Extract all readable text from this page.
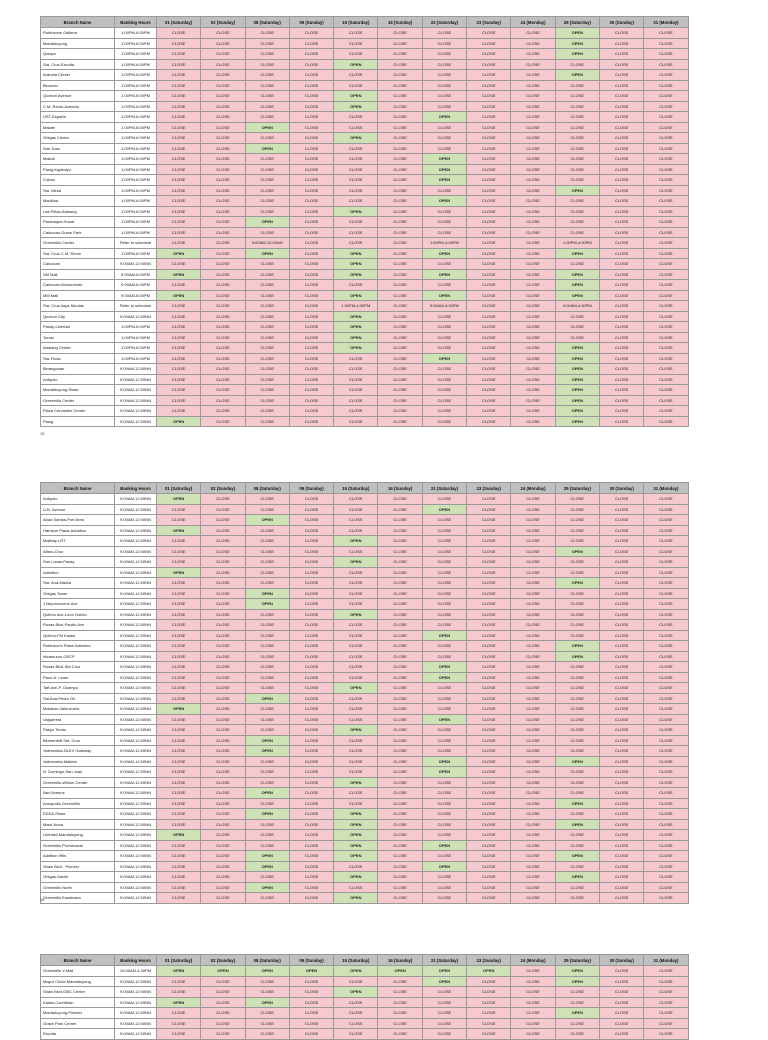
Branch Name	Banking Hours	01 (Saturday)	02 (Sunday)	08 (Saturday)	09 (Sunday)	15 (Saturday)	16 (Sunday)	22 (Saturday)	23 (Sunday)	24 (Monday)	29 (Saturday)	30 (Sunday)	31 (Monday)
Robinsons Galleria	1:00PM-6:00PM	CLOSE	CLOSE	CLOSE	CLOSE	CLOSE	CLOSE	CLOSE	CLOSE	CLOSE	OPEN	CLOSE	CLOSE
Mandaluyong	1:00PM-6:00PM	CLOSE	CLOSE	CLOSE	CLOSE	CLOSE	CLOSE	CLOSE	CLOSE	CLOSE	OPEN	CLOSE	CLOSE
Quiapo	1:00PM-6:00PM	CLOSE	CLOSE	CLOSE	CLOSE	CLOSE	CLOSE	CLOSE	CLOSE	CLOSE	OPEN	CLOSE	CLOSE
Sta. Cruz-Escolta	1:00PM-6:00PM	CLOSE	CLOSE	CLOSE	CLOSE	OPEN	CLOSE	CLOSE	CLOSE	CLOSE	CLOSE	CLOSE	CLOSE
Araneta Center	1:00PM-6:00PM	CLOSE	CLOSE	CLOSE	CLOSE	CLOSE	CLOSE	CLOSE	CLOSE	CLOSE	OPEN	CLOSE	CLOSE
Binondo	1:00PM-6:00PM	CLOSE	CLOSE	CLOSE	CLOSE	CLOSE	CLOSE	CLOSE	CLOSE	CLOSE	CLOSE	CLOSE	CLOSE
Quezon Avenue	1:00PM-6:00PM	CLOSE	CLOSE	CLOSE	CLOSE	OPEN	CLOSE	CLOSE	CLOSE	CLOSE	CLOSE	CLOSE	CLOSE
C.M. Recto-Avenida	1:00PM-6:00PM	CLOSE	CLOSE	CLOSE	CLOSE	OPEN	CLOSE	CLOSE	CLOSE	CLOSE	CLOSE	CLOSE	CLOSE
UST-España	1:00PM-6:00PM	CLOSE	CLOSE	CLOSE	CLOSE	CLOSE	CLOSE	OPEN	CLOSE	CLOSE	CLOSE	CLOSE	CLOSE
Malate	1:00PM-6:00PM	CLOSE	CLOSE	OPEN	CLOSE	CLOSE	CLOSE	CLOSE	CLOSE	CLOSE	CLOSE	CLOSE	CLOSE
Ortigas Center	1:00PM-6:00PM	CLOSE	CLOSE	CLOSE	CLOSE	OPEN	CLOSE	CLOSE	CLOSE	CLOSE	CLOSE	CLOSE	CLOSE
San Juan	1:00PM-6:00PM	CLOSE	CLOSE	OPEN	CLOSE	CLOSE	CLOSE	CLOSE	CLOSE	CLOSE	CLOSE	CLOSE	CLOSE
Makati	1:00PM-6:00PM	CLOSE	CLOSE	CLOSE	CLOSE	CLOSE	CLOSE	OPEN	CLOSE	CLOSE	CLOSE	CLOSE	CLOSE
Pasig-Kapitolyo	1:00PM-6:00PM	CLOSE	CLOSE	CLOSE	CLOSE	CLOSE	CLOSE	OPEN	CLOSE	CLOSE	CLOSE	CLOSE	CLOSE
Cubao	1:00PM-6:00PM	CLOSE	CLOSE	CLOSE	CLOSE	CLOSE	CLOSE	OPEN	CLOSE	CLOSE	CLOSE	CLOSE	CLOSE
Sta. Mesa	1:00PM-6:00PM	CLOSE	CLOSE	CLOSE	CLOSE	CLOSE	CLOSE	CLOSE	CLOSE	CLOSE	OPEN	CLOSE	CLOSE
Marikina	1:00PM-6:00PM	CLOSE	CLOSE	CLOSE	CLOSE	CLOSE	CLOSE	OPEN	CLOSE	CLOSE	CLOSE	CLOSE	CLOSE
Las Piñas-Alabang	1:00PM-6:00PM	CLOSE	CLOSE	CLOSE	CLOSE	OPEN	CLOSE	CLOSE	CLOSE	CLOSE	CLOSE	CLOSE	CLOSE
Paranaque-Sucat	1:00PM-6:00PM	CLOSE	CLOSE	OPEN	CLOSE	CLOSE	CLOSE	CLOSE	CLOSE	CLOSE	CLOSE	CLOSE	CLOSE
Caloocan-Grace Park	1:00PM-6:00PM	CLOSE	CLOSE	CLOSE	CLOSE	CLOSE	CLOSE	CLOSE	CLOSE	CLOSE	CLOSE	CLOSE	CLOSE
Greenhills Center	Refer to schedule	CLOSE	CLOSE	9:00AM-12:00NN	CLOSE	CLOSE	CLOSE	1:00PM-4:00PM	CLOSE	CLOSE	1:00PM-4:00PM	CLOSE	CLOSE
Sta. Cruz-C.M. Recto	1:00PM-6:00PM	OPEN	CLOSE	OPEN	CLOSE	OPEN	CLOSE	OPEN	CLOSE	CLOSE	OPEN	CLOSE	CLOSE
Caloocan	9:00AM-12:00NN	CLOSE	CLOSE	CLOSE	CLOSE	OPEN	CLOSE	CLOSE	CLOSE	CLOSE	CLOSE	CLOSE	CLOSE
SM Mall	9:00AM-6:00PM	OPEN	CLOSE	CLOSE	CLOSE	OPEN	CLOSE	OPEN	CLOSE	CLOSE	OPEN	CLOSE	CLOSE
Caloocan-Monumento	9:00AM-6:00PM	CLOSE	CLOSE	CLOSE	CLOSE	CLOSE	CLOSE	CLOSE	CLOSE	CLOSE	OPEN	CLOSE	CLOSE
MM Mall	9:00AM-6:00PM	OPEN	CLOSE	CLOSE	CLOSE	OPEN	CLOSE	OPEN	CLOSE	CLOSE	OPEN	CLOSE	CLOSE
Sta. Cruz-Ilaya Nicolas	Refer to schedule	CLOSE	CLOSE	CLOSE	CLOSE	1:00PM-4:30PM	CLOSE	9:00AM-4:30PM	CLOSE	CLOSE	9:00AM-4:30PM	CLOSE	CLOSE
Quezon City	9:00AM-12:00NN	CLOSE	CLOSE	CLOSE	CLOSE	OPEN	CLOSE	CLOSE	CLOSE	CLOSE	CLOSE	CLOSE	CLOSE
Pasay-Libertad	1:00PM-6:00PM	CLOSE	CLOSE	CLOSE	CLOSE	OPEN	CLOSE	CLOSE	CLOSE	CLOSE	CLOSE	CLOSE	CLOSE
Tondo	1:00PM-6:00PM	CLOSE	CLOSE	CLOSE	CLOSE	OPEN	CLOSE	CLOSE	CLOSE	CLOSE	CLOSE	CLOSE	CLOSE
Alabang Center	1:00PM-6:00PM	CLOSE	CLOSE	CLOSE	CLOSE	OPEN	CLOSE	CLOSE	CLOSE	CLOSE	OPEN	CLOSE	CLOSE
Sta. Rosa	1:00PM-6:00PM	CLOSE	CLOSE	CLOSE	CLOSE	CLOSE	CLOSE	OPEN	CLOSE	CLOSE	OPEN	CLOSE	CLOSE
Binangonan	9:00AM-12:00NN	CLOSE	CLOSE	CLOSE	CLOSE	CLOSE	CLOSE	CLOSE	CLOSE	CLOSE	OPEN	CLOSE	CLOSE
Antipolo	9:00AM-12:00NN	CLOSE	CLOSE	CLOSE	CLOSE	CLOSE	CLOSE	CLOSE	CLOSE	CLOSE	OPEN	CLOSE	CLOSE
Mandaluyong-Shaw	9:00AM-12:00NN	CLOSE	CLOSE	CLOSE	CLOSE	CLOSE	CLOSE	CLOSE	CLOSE	CLOSE	OPEN	CLOSE	CLOSE
Greenhills Center	9:00AM-12:00NN	CLOSE	CLOSE	CLOSE	CLOSE	CLOSE	CLOSE	CLOSE	CLOSE	CLOSE	OPEN	CLOSE	CLOSE
Plaza Cervantes Center	9:00AM-12:00NN	CLOSE	CLOSE	CLOSE	CLOSE	CLOSE	CLOSE	CLOSE	CLOSE	CLOSE	OPEN	CLOSE	CLOSE
Pasig	9:00AM-12:00NN	OPEN	CLOSE	CLOSE	CLOSE	CLOSE	CLOSE	CLOSE	CLOSE	CLOSE	OPEN	CLOSE	CLOSE
15
Branch Name	Banking Hours	01 (Saturday)	02 (Sunday)	08 (Saturday)	09 (Sunday)	15 (Saturday)	16 (Sunday)	22 (Saturday)	23 (Sunday)	24 (Monday)	29 (Saturday)	30 (Sunday)	31 (Monday)
Antipolo	9:00AM-12:00NN	OPEN	CLOSE	CLOSE	CLOSE	CLOSE	CLOSE	CLOSE	CLOSE	CLOSE	CLOSE	CLOSE	CLOSE
U.N. Avenue	9:00AM-12:00NN	CLOSE	CLOSE	CLOSE	CLOSE	CLOSE	CLOSE	OPEN	CLOSE	CLOSE	CLOSE	CLOSE	CLOSE
Abad Santos-Port Area	9:00AM-12:00NN	CLOSE	CLOSE	OPEN	CLOSE	CLOSE	CLOSE	CLOSE	CLOSE	CLOSE	CLOSE	CLOSE	CLOSE
Harrison Plaza-Adriatico	9:00AM-12:00NN	OPEN	CLOSE	CLOSE	CLOSE	CLOSE	CLOSE	CLOSE	CLOSE	CLOSE	CLOSE	CLOSE	CLOSE
Malibay-LRT	9:00AM-12:00NN	CLOSE	CLOSE	CLOSE	CLOSE	OPEN	CLOSE	CLOSE	CLOSE	CLOSE	CLOSE	CLOSE	CLOSE
Alfaro-Cruz	9:00AM-12:00NN	CLOSE	CLOSE	CLOSE	CLOSE	CLOSE	CLOSE	CLOSE	CLOSE	CLOSE	OPEN	CLOSE	CLOSE
San Lucas-Pasay	9:00AM-12:00NN	CLOSE	CLOSE	CLOSE	CLOSE	OPEN	CLOSE	CLOSE	CLOSE	CLOSE	CLOSE	CLOSE	CLOSE
Adriatico	9:00AM-12:00NN	OPEN	CLOSE	CLOSE	CLOSE	CLOSE	CLOSE	CLOSE	CLOSE	CLOSE	CLOSE	CLOSE	CLOSE
Sta. Ana-Manila	9:00AM-12:00NN	CLOSE	CLOSE	CLOSE	CLOSE	CLOSE	CLOSE	CLOSE	CLOSE	CLOSE	OPEN	CLOSE	CLOSE
Ortigas Tower	9:00AM-12:00NN	CLOSE	CLOSE	OPEN	CLOSE	CLOSE	CLOSE	CLOSE	CLOSE	CLOSE	CLOSE	CLOSE	CLOSE
J.Nepomuceno Ave	9:00AM-12:00NN	CLOSE	CLOSE	OPEN	CLOSE	CLOSE	CLOSE	CLOSE	CLOSE	CLOSE	CLOSE	CLOSE	CLOSE
Quirino Ave-Leon Guinto	9:00AM-12:00NN	CLOSE	CLOSE	CLOSE	CLOSE	OPEN	CLOSE	CLOSE	CLOSE	CLOSE	CLOSE	CLOSE	CLOSE
Roxas Blvd-Pacific Ave	9:00AM-12:00NN	CLOSE	CLOSE	CLOSE	CLOSE	CLOSE	CLOSE	CLOSE	CLOSE	CLOSE	CLOSE	CLOSE	CLOSE
Quirino-FM Kalaw	9:00AM-12:00NN	CLOSE	CLOSE	CLOSE	CLOSE	CLOSE	CLOSE	OPEN	CLOSE	CLOSE	CLOSE	CLOSE	CLOSE
Robinson's Place-Adriatico	9:00AM-12:00NN	CLOSE	CLOSE	CLOSE	CLOSE	CLOSE	CLOSE	CLOSE	CLOSE	CLOSE	OPEN	CLOSE	CLOSE
Intramuros-GSCP	9:00AM-12:00NN	CLOSE	CLOSE	CLOSE	CLOSE	CLOSE	CLOSE	CLOSE	CLOSE	CLOSE	OPEN	CLOSE	CLOSE
Roxas Blvd-Sta Cruz	9:00AM-12:00NN	CLOSE	CLOSE	CLOSE	CLOSE	CLOSE	CLOSE	OPEN	CLOSE	CLOSE	CLOSE	CLOSE	CLOSE
Paco-A. Linao	9:00AM-12:00NN	CLOSE	CLOSE	CLOSE	CLOSE	CLOSE	CLOSE	OPEN	CLOSE	CLOSE	CLOSE	CLOSE	CLOSE
Taft Ave-P. Ocampo	9:00AM-12:00NN	CLOSE	CLOSE	CLOSE	CLOSE	OPEN	CLOSE	CLOSE	CLOSE	CLOSE	CLOSE	CLOSE	CLOSE
Sta Ana-Pedro Gil	9:00AM-12:00NN	CLOSE	CLOSE	OPEN	CLOSE	CLOSE	CLOSE	CLOSE	CLOSE	CLOSE	CLOSE	CLOSE	CLOSE
Malabon-Valenzuela	9:00AM-12:00NN	OPEN	CLOSE	CLOSE	CLOSE	CLOSE	CLOSE	CLOSE	CLOSE	CLOSE	CLOSE	CLOSE	CLOSE
Valgarrera	9:00AM-12:00NN	CLOSE	CLOSE	CLOSE	CLOSE	CLOSE	CLOSE	OPEN	CLOSE	CLOSE	CLOSE	CLOSE	CLOSE
Pasyo Tondo	9:00AM-12:00NN	CLOSE	CLOSE	CLOSE	CLOSE	OPEN	CLOSE	CLOSE	CLOSE	CLOSE	CLOSE	CLOSE	CLOSE
Blumentritt Sta. Cruz	9:00AM-12:00NN	CLOSE	CLOSE	OPEN	CLOSE	CLOSE	CLOSE	CLOSE	CLOSE	CLOSE	CLOSE	CLOSE	CLOSE
Valenzuela-NLEX Gateway	9:00AM-12:00NN	CLOSE	CLOSE	OPEN	CLOSE	CLOSE	CLOSE	CLOSE	CLOSE	CLOSE	CLOSE	CLOSE	CLOSE
Valenzuela-Malinta	9:00AM-12:00NN	CLOSE	CLOSE	CLOSE	CLOSE	CLOSE	CLOSE	OPEN	CLOSE	CLOSE	OPEN	CLOSE	CLOSE
N. Domingo-San Juan	9:00AM-12:00NN	CLOSE	CLOSE	CLOSE	CLOSE	CLOSE	CLOSE	OPEN	CLOSE	CLOSE	CLOSE	CLOSE	CLOSE
Greenhills-Wilson Center	9:00AM-12:00NN	CLOSE	CLOSE	CLOSE	CLOSE	OPEN	CLOSE	CLOSE	CLOSE	CLOSE	CLOSE	CLOSE	CLOSE
Ilani Avenue	9:00AM-12:00NN	CLOSE	CLOSE	OPEN	CLOSE	CLOSE	CLOSE	CLOSE	CLOSE	CLOSE	CLOSE	CLOSE	CLOSE
Annapolis-Greenhills	9:00AM-12:00NN	CLOSE	CLOSE	CLOSE	CLOSE	CLOSE	CLOSE	CLOSE	CLOSE	CLOSE	OPEN	CLOSE	CLOSE
EDSA-Shaw	9:00AM-12:00NN	CLOSE	CLOSE	OPEN	CLOSE	OPEN	CLOSE	CLOSE	CLOSE	CLOSE	CLOSE	CLOSE	CLOSE
Mack Nova	9:00AM-12:00NN	CLOSE	CLOSE	CLOSE	CLOSE	OPEN	CLOSE	CLOSE	CLOSE	CLOSE	OPEN	CLOSE	CLOSE
Libertad-Mandaluyong	9:00AM-12:00NN	OPEN	CLOSE	CLOSE	CLOSE	OPEN	CLOSE	CLOSE	CLOSE	CLOSE	CLOSE	CLOSE	CLOSE
Greenhills Promenade	9:00AM-12:00NN	CLOSE	CLOSE	CLOSE	CLOSE	OPEN	CLOSE	OPEN	CLOSE	CLOSE	CLOSE	CLOSE	CLOSE
Addition Hills	9:00AM-12:00NN	CLOSE	CLOSE	OPEN	CLOSE	OPEN	CLOSE	CLOSE	CLOSE	CLOSE	OPEN	CLOSE	CLOSE
Shaw Blvd - Pioneer	9:00AM-12:00NN	CLOSE	CLOSE	OPEN	CLOSE	CLOSE	CLOSE	OPEN	CLOSE	CLOSE	CLOSE	CLOSE	CLOSE
Ortigas-Xavier	9:00AM-12:00NN	CLOSE	CLOSE	CLOSE	CLOSE	OPEN	CLOSE	CLOSE	CLOSE	CLOSE	OPEN	CLOSE	CLOSE
Greenhills North	9:00AM-12:00NN	CLOSE	CLOSE	OPEN	CLOSE	CLOSE	CLOSE	CLOSE	CLOSE	CLOSE	CLOSE	CLOSE	CLOSE
Greenhills Eastdrawn	9:00AM-12:00NN	CLOSE	CLOSE	CLOSE	CLOSE	OPEN	CLOSE	CLOSE	CLOSE	CLOSE	CLOSE	CLOSE	CLOSE
16
Branch Name	Banking Hours	01 (Saturday)	02 (Sunday)	08 (Saturday)	09 (Sunday)	15 (Saturday)	16 (Sunday)	22 (Saturday)	23 (Sunday)	24 (Monday)	29 (Saturday)	30 (Sunday)	31 (Monday)
Greenhills V-Mall	10:00AM-4:30PM	OPEN	OPEN	OPEN	OPEN	OPEN	OPEN	OPEN	OPEN	CLOSE	OPEN	CLOSE	CLOSE
Mayor Circle-Mandaluyong	9:00AM-12:00NN	CLOSE	CLOSE	CLOSE	CLOSE	CLOSE	CLOSE	OPEN	CLOSE	CLOSE	OPEN	CLOSE	CLOSE
Shaw Blvd-GBC Center	9:00AM-12:00NN	CLOSE	CLOSE	CLOSE	CLOSE	OPEN	CLOSE	CLOSE	CLOSE	CLOSE	CLOSE	CLOSE	CLOSE
Kalaw-Corinthian	9:00AM-12:00NN	OPEN	CLOSE	OPEN	CLOSE	CLOSE	CLOSE	CLOSE	CLOSE	CLOSE	CLOSE	CLOSE	CLOSE
Mandaluyong-Pioneer	9:00AM-12:00NN	CLOSE	CLOSE	CLOSE	CLOSE	CLOSE	CLOSE	CLOSE	CLOSE	CLOSE	OPEN	CLOSE	CLOSE
Grace Park Center	9:00AM-12:00NN	CLOSE	CLOSE	CLOSE	CLOSE	CLOSE	CLOSE	CLOSE	CLOSE	CLOSE	CLOSE	CLOSE	CLOSE
Escolta	9:00AM-12:00NN	CLOSE	CLOSE	CLOSE	CLOSE	CLOSE	CLOSE	CLOSE	CLOSE	CLOSE	CLOSE	CLOSE	CLOSE
